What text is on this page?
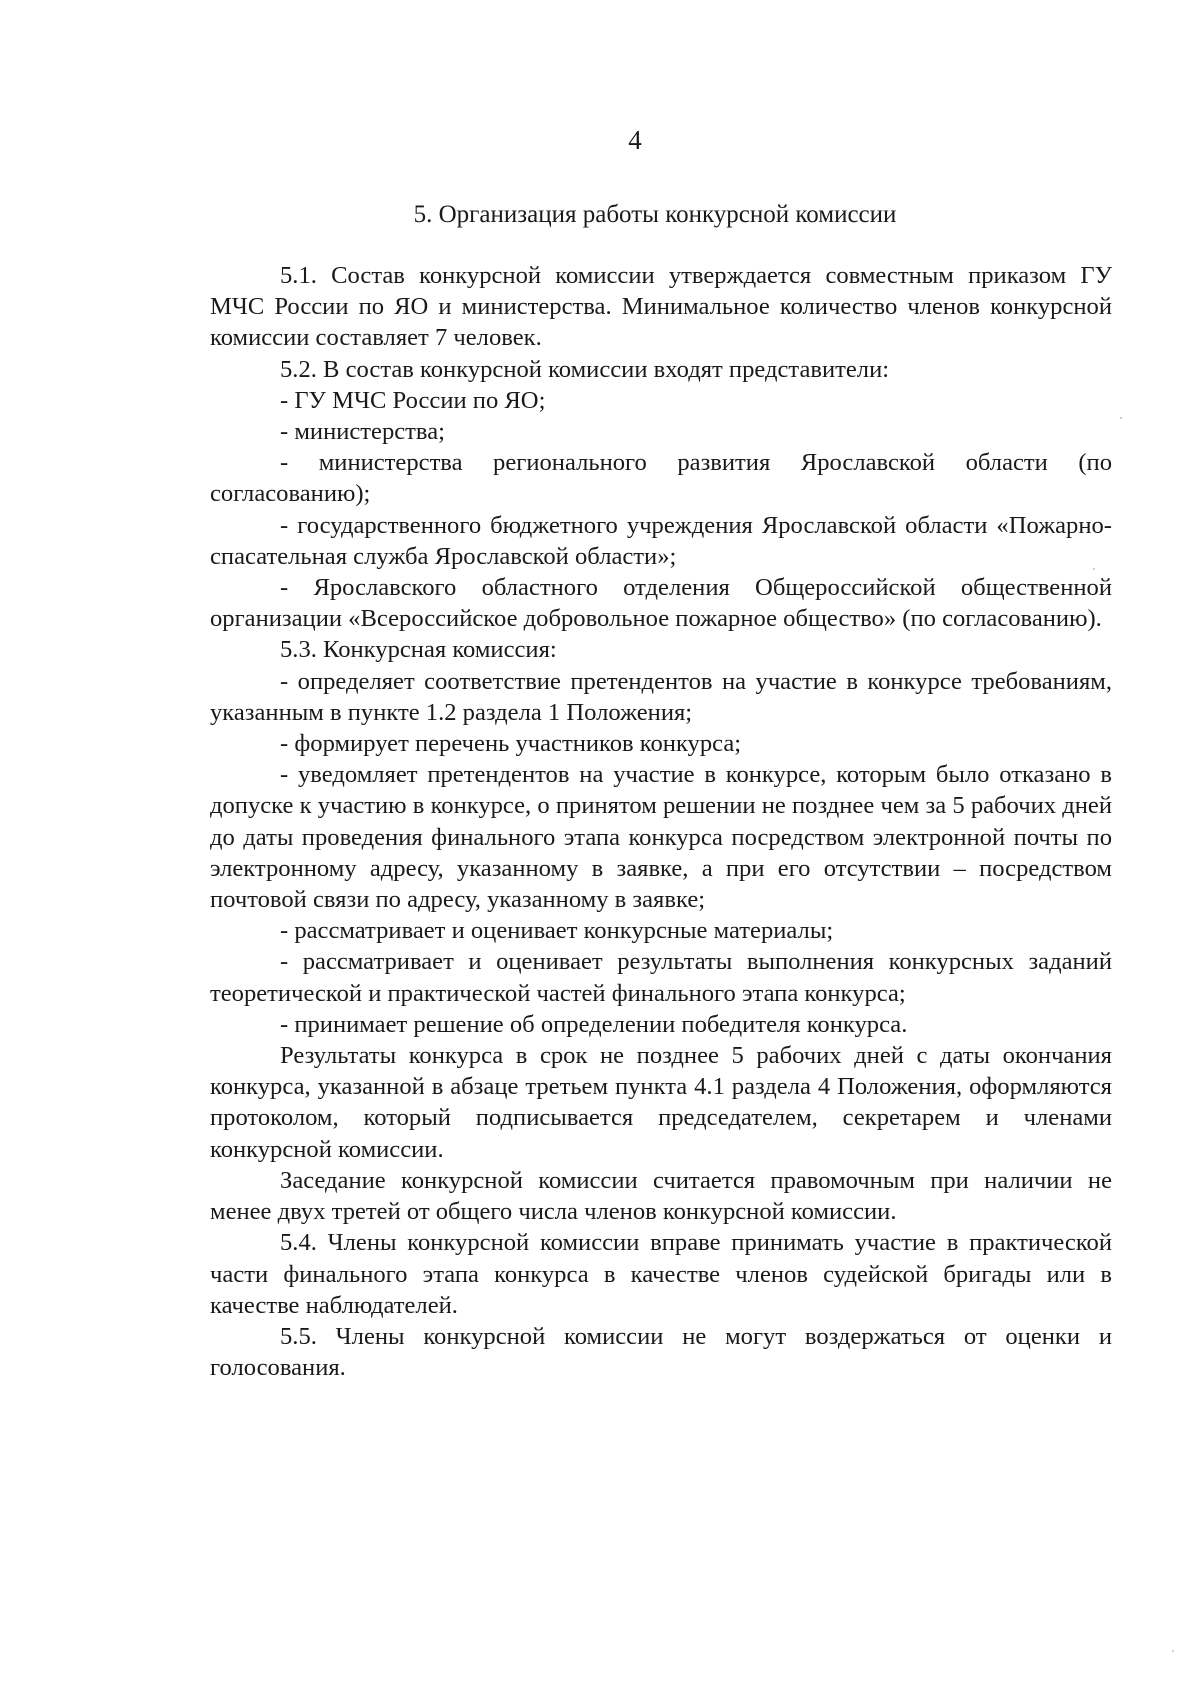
4
5. Организация работы конкурсной комиссии

5.1. Состав конкурсной комиссии утверждается совместным приказом ГУ МЧС России по ЯО и министерства. Минимальное количество членов конкурсной комиссии составляет 7 человек.

5.2. В состав конкурсной комиссии входят представители:

- ГУ МЧС России по ЯО;

- министерства;

- министерства регионального развития Ярославской области (по согласованию);

- государственного бюджетного учреждения Ярославской области «Пожарно-спасательная служба Ярославской области»;

- Ярославского областного отделения Общероссийской общественной организации «Всероссийское добровольное пожарное общество» (по согласованию).

5.3. Конкурсная комиссия:

- определяет соответствие претендентов на участие в конкурсе требованиям, указанным в пункте 1.2 раздела 1 Положения;

- формирует перечень участников конкурса;

- уведомляет претендентов на участие в конкурсе, которым было отказано в допуске к участию в конкурсе, о принятом решении не позднее чем за 5 рабочих дней до даты проведения финального этапа конкурса посредством электронной почты по электронному адресу, указанному в заявке, а при его отсутствии – посредством почтовой связи по адресу, указанному в заявке;

- рассматривает и оценивает конкурсные материалы;

- рассматривает и оценивает результаты выполнения конкурсных заданий теоретической и практической частей финального этапа конкурса;

- принимает решение об определении победителя конкурса.

Результаты конкурса в срок не позднее 5 рабочих дней с даты окончания конкурса, указанной в абзаце третьем пункта 4.1 раздела 4 Положения, оформляются протоколом, который подписывается председателем, секретарем и членами конкурсной комиссии.

Заседание конкурсной комиссии считается правомочным при наличии не менее двух третей от общего числа членов конкурсной комиссии.

5.4. Члены конкурсной комиссии вправе принимать участие в практической части финального этапа конкурса в качестве членов судейской бригады или в качестве наблюдателей.

5.5. Члены конкурсной комиссии не могут воздержаться от оценки и голосования.
